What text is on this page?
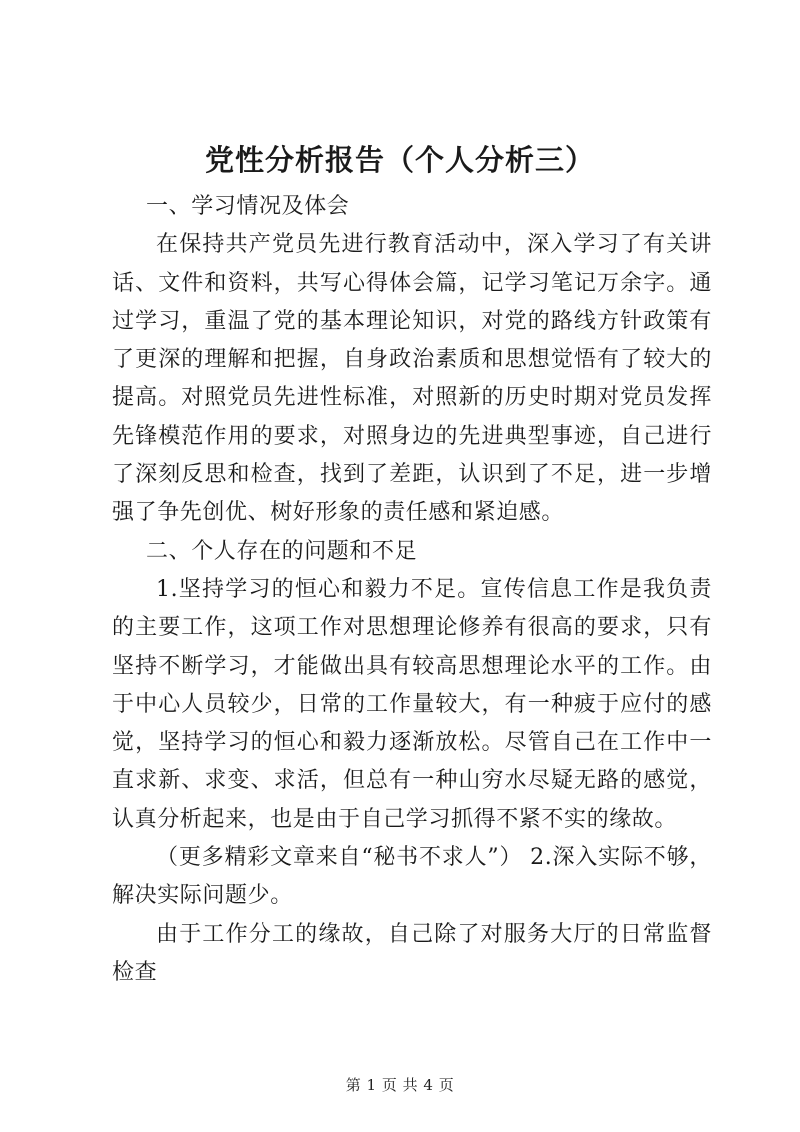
党性分析报告（个人分析三）

一、学习情况及体会

在保持共产党员先进行教育活动中，深入学习了有关讲话、文件和资料，共写心得体会篇，记学习笔记万余字。通过学习，重温了党的基本理论知识，对党的路线方针政策有了更深的理解和把握，自身政治素质和思想觉悟有了较大的提高。对照党员先进性标准，对照新的历史时期对党员发挥先锋模范作用的要求，对照身边的先进典型事迹，自己进行了深刻反思和检查，找到了差距，认识到了不足，进一步增强了争先创优、树好形象的责任感和紧迫感。

二、个人存在的问题和不足

1.坚持学习的恒心和毅力不足。宣传信息工作是我负责的主要工作，这项工作对思想理论修养有很高的要求，只有坚持不断学习，才能做出具有较高思想理论水平的工作。由于中心人员较少，日常的工作量较大，有一种疲于应付的感觉，坚持学习的恒心和毅力逐渐放松。尽管自己在工作中一直求新、求变、求活，但总有一种山穷水尽疑无路的感觉，认真分析起来，也是由于自己学习抓得不紧不实的缘故。

（更多精彩文章来自“秘书不求人”） 2.深入实际不够，解决实际问题少。

由于工作分工的缘故，自己除了对服务大厅的日常监督检查

第 1 页 共 4 页
